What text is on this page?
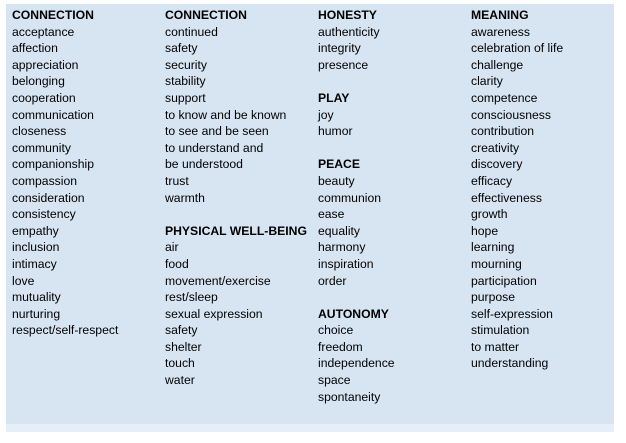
CONNECTION
acceptance
affection
appreciation
belonging
cooperation
communication
closeness
community
companionship
compassion
consideration
consistency
empathy
inclusion
intimacy
love
mutuality
nurturing
respect/self-respect
CONNECTION
continued
safety
security
stability
support
to know and be known
to see and be seen
to understand and
be understood
trust
warmth
PHYSICAL WELL-BEING
air
food
movement/exercise
rest/sleep
sexual expression
safety
shelter
touch
water
HONESTY
authenticity
integrity
presence
PLAY
joy
humor
PEACE
beauty
communion
ease
equality
harmony
inspiration
order
AUTONOMY
choice
freedom
independence
space
spontaneity
MEANING
awareness
celebration of life
challenge
clarity
competence
consciousness
contribution
creativity
discovery
efficacy
effectiveness
growth
hope
learning
mourning
participation
purpose
self-expression
stimulation
to matter
understanding
